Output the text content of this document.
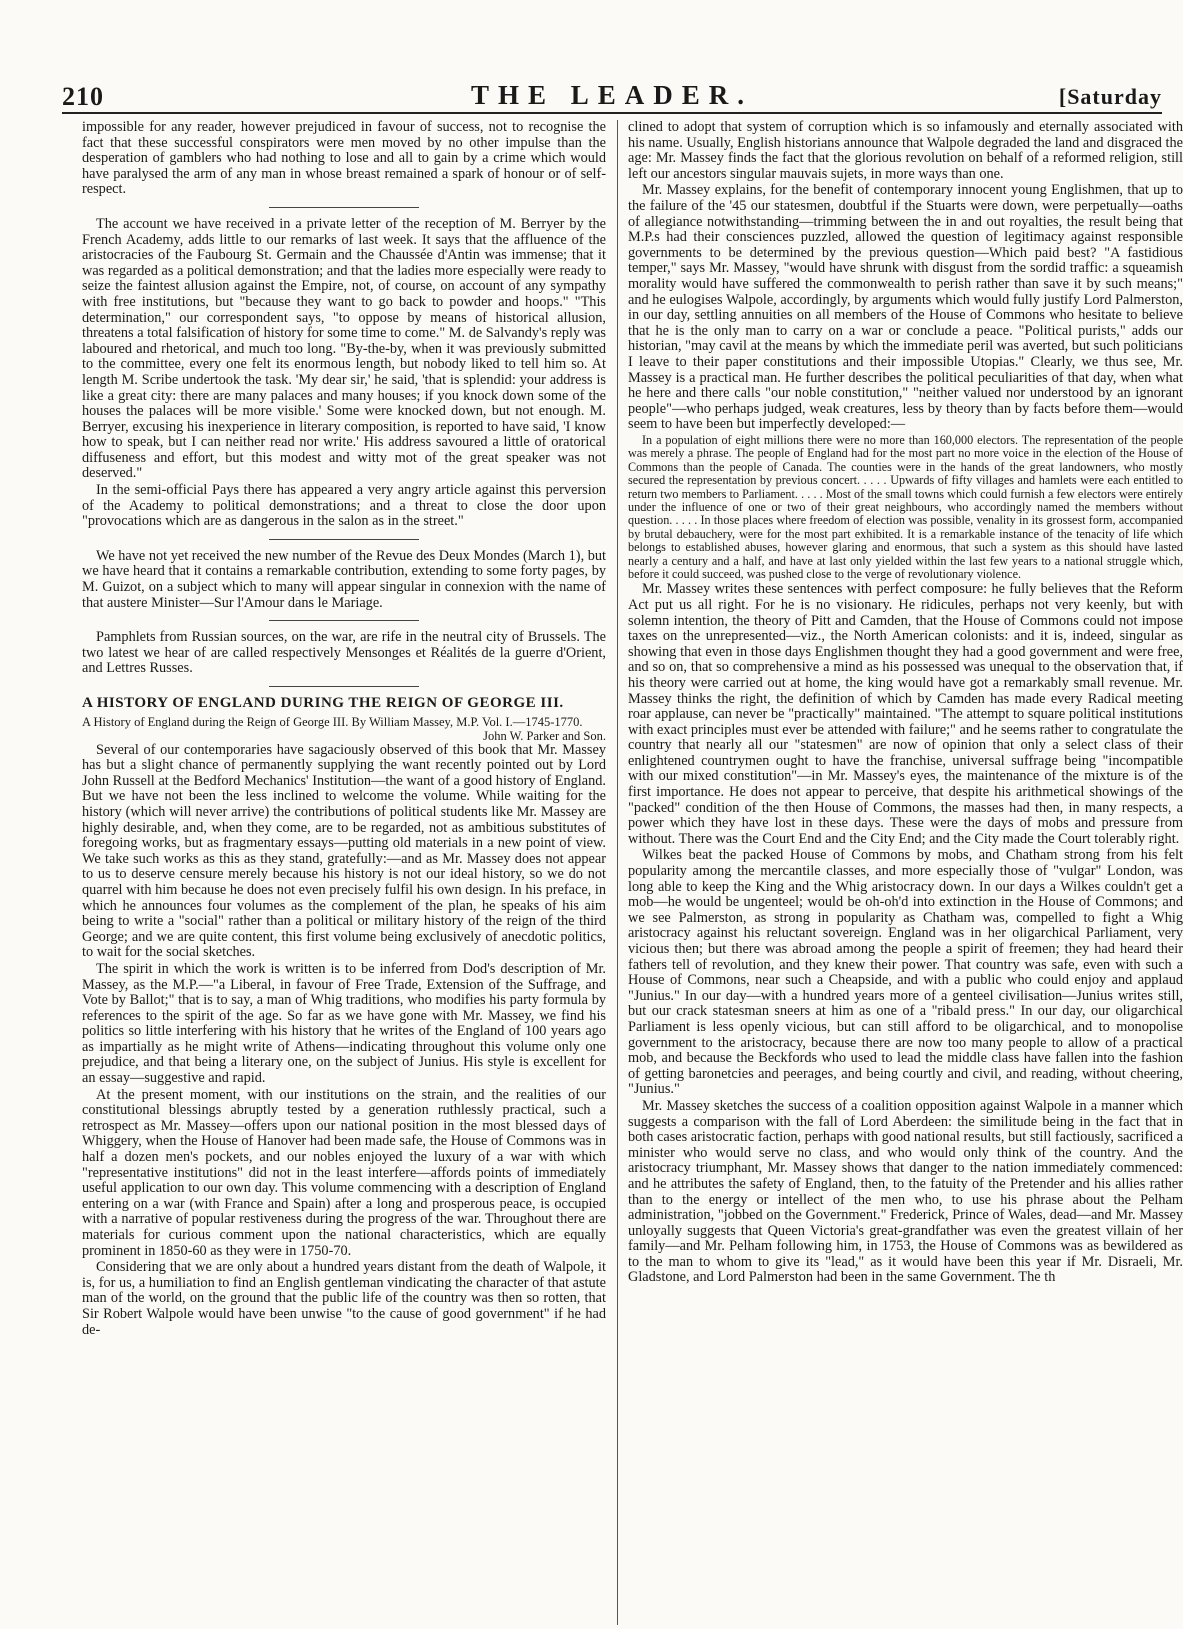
210	THE LEADER.	[Saturday

impossible for any reader, however prejudiced in favour of success, not to recognise the fact that these successful conspirators were men moved by no other impulse than the desperation of gamblers who had nothing to lose and all to gain by a crime which would have paralysed the arm of any man in whose breast remained a spark of honour or of self-respect.

The account we have received in a private letter of the reception of M. Berryer by the French Academy, adds little to our remarks of last week. It says that the affluence of the aristocracies of the Faubourg St. Germain and the Chaussée d'Antin was immense; that it was regarded as a political demonstration; and that the ladies more especially were ready to seize the faintest allusion against the Empire, not, of course, on account of any sympathy with free institutions, but "because they want to go back to powder and hoops." "This determination," our correspondent says, "to oppose by means of historical allusion, threatens a total falsification of history for some time to come." M. de Salvandy's reply was laboured and rhetorical, and much too long. "By-the-by, when it was previously submitted to the committee, every one felt its enormous length, but nobody liked to tell him so. At length M. Scribe undertook the task. 'My dear sir,' he said, 'that is splendid: your address is like a great city: there are many palaces and many houses; if you knock down some of the houses the palaces will be more visible.' Some were knocked down, but not enough. M. Berryer, excusing his inexperience in literary composition, is reported to have said, 'I know how to speak, but I can neither read nor write.' His address savoured a little of oratorical diffuseness and effort, but this modest and witty mot of the great speaker was not deserved."

In the semi-official Pays there has appeared a very angry article against this perversion of the Academy to political demonstrations; and a threat to close the door upon "provocations which are as dangerous in the salon as in the street."

We have not yet received the new number of the Revue des Deux Mondes (March 1), but we have heard that it contains a remarkable contribution, extending to some forty pages, by M. Guizot, on a subject which to many will appear singular in connexion with the name of that austere Minister—Sur l'Amour dans le Mariage.

Pamphlets from Russian sources, on the war, are rife in the neutral city of Brussels. The two latest we hear of are called respectively Mensonges et Réalités de la guerre d'Orient, and Lettres Russes.

A HISTORY OF ENGLAND DURING THE REIGN OF GEORGE III.

A History of England during the Reign of George III. By William Massey, M.P. Vol. I.—1745-1770.
John W. Parker and Son.

Several of our contemporaries have sagaciously observed of this book that Mr. Massey has but a slight chance of permanently supplying the want recently pointed out by Lord John Russell at the Bedford Mechanics' Institution—the want of a good history of England. But we have not been the less inclined to welcome the volume. While waiting for the history (which will never arrive) the contributions of political students like Mr. Massey are highly desirable, and, when they come, are to be regarded, not as ambitious substitutes of foregoing works, but as fragmentary essays—putting old materials in a new point of view. We take such works as this as they stand, gratefully:—and as Mr. Massey does not appear to us to deserve censure merely because his history is not our ideal history, so we do not quarrel with him because he does not even precisely fulfil his own design. In his preface, in which he announces four volumes as the complement of the plan, he speaks of his aim being to write a "social" rather than a political or military history of the reign of the third George; and we are quite content, this first volume being exclusively of anecdotic politics, to wait for the social sketches.

The spirit in which the work is written is to be inferred from Dod's description of Mr. Massey, as the M.P.—"a Liberal, in favour of Free Trade, Extension of the Suffrage, and Vote by Ballot;" that is to say, a man of Whig traditions, who modifies his party formula by references to the spirit of the age. So far as we have gone with Mr. Massey, we find his politics so little interfering with his history that he writes of the England of 100 years ago as impartially as he might write of Athens—indicating throughout this volume only one prejudice, and that being a literary one, on the subject of Junius. His style is excellent for an essay—suggestive and rapid.

At the present moment, with our institutions on the strain, and the realities of our constitutional blessings abruptly tested by a generation ruthlessly practical, such a retrospect as Mr. Massey—offers upon our national position in the most blessed days of Whiggery, when the House of Hanover had been made safe, the House of Commons was in half a dozen men's pockets, and our nobles enjoyed the luxury of a war with which "representative institutions" did not in the least interfere—affords points of immediately useful application to our own day. This volume commencing with a description of England entering on a war (with France and Spain) after a long and prosperous peace, is occupied with a narrative of popular restiveness during the progress of the war. Throughout there are materials for curious comment upon the national characteristics, which are equally prominent in 1850-60 as they were in 1750-70.

Considering that we are only about a hundred years distant from the death of Walpole, it is, for us, a humiliation to find an English gentleman vindicating the character of that astute man of the world, on the ground that the public life of the country was then so rotten, that Sir Robert Walpole would have been unwise "to the cause of good government" if he had de-

clined to adopt that system of corruption which is so infamously and eternally associated with his name. Usually, English historians announce that Walpole degraded the land and disgraced the age: Mr. Massey finds the fact that the glorious revolution on behalf of a reformed religion, still left our ancestors singular mauvais sujets, in more ways than one.

Mr. Massey explains, for the benefit of contemporary innocent young Englishmen, that up to the failure of the '45 our statesmen, doubtful if the Stuarts were down, were perpetually—oaths of allegiance notwithstanding—trimming between the in and out royalties, the result being that M.P.s had their consciences puzzled, allowed the question of legitimacy against responsible governments to be determined by the previous question—Which paid best? "A fastidious temper," says Mr. Massey, "would have shrunk with disgust from the sordid traffic: a squeamish morality would have suffered the commonwealth to perish rather than save it by such means;" and he eulogises Walpole, accordingly, by arguments which would fully justify Lord Palmerston, in our day, settling annuities on all members of the House of Commons who hesitate to believe that he is the only man to carry on a war or conclude a peace. "Political purists," adds our historian, "may cavil at the means by which the immediate peril was averted, but such politicians I leave to their paper constitutions and their impossible Utopias." Clearly, we thus see, Mr. Massey is a practical man. He further describes the political peculiarities of that day, when what he here and there calls "our noble constitution," "neither valued nor understood by an ignorant people"—who perhaps judged, weak creatures, less by theory than by facts before them—would seem to have been but imperfectly developed:—

In a population of eight millions there were no more than 160,000 electors. The representation of the people was merely a phrase. The people of England had for the most part no more voice in the election of the House of Commons than the people of Canada. The counties were in the hands of the great landowners, who mostly secured the representation by previous concert. . . . . Upwards of fifty villages and hamlets were each entitled to return two members to Parliament. . . . . Most of the small towns which could furnish a few electors were entirely under the influence of one or two of their great neighbours, who accordingly named the members without question. . . . . In those places where freedom of election was possible, venality in its grossest form, accompanied by brutal debauchery, were for the most part exhibited. It is a remarkable instance of the tenacity of life which belongs to established abuses, however glaring and enormous, that such a system as this should have lasted nearly a century and a half, and have at last only yielded within the last few years to a national struggle which, before it could succeed, was pushed close to the verge of revolutionary violence.

Mr. Massey writes these sentences with perfect composure: he fully believes that the Reform Act put us all right. For he is no visionary. He ridicules, perhaps not very keenly, but with solemn intention, the theory of Pitt and Camden, that the House of Commons could not impose taxes on the unrepresented—viz., the North American colonists: and it is, indeed, singular as showing that even in those days Englishmen thought they had a good government and were free, and so on, that so comprehensive a mind as his possessed was unequal to the observation that, if his theory were carried out at home, the king would have got a remarkably small revenue. Mr. Massey thinks the right, the definition of which by Camden has made every Radical meeting roar applause, can never be "practically" maintained. "The attempt to square political institutions with exact principles must ever be attended with failure;" and he seems rather to congratulate the country that nearly all our "statesmen" are now of opinion that only a select class of their enlightened countrymen ought to have the franchise, universal suffrage being "incompatible with our mixed constitution"—in Mr. Massey's eyes, the maintenance of the mixture is of the first importance. He does not appear to perceive, that despite his arithmetical showings of the "packed" condition of the then House of Commons, the masses had then, in many respects, a power which they have lost in these days. These were the days of mobs and pressure from without. There was the Court End and the City End; and the City made the Court tolerably right.

Wilkes beat the packed House of Commons by mobs, and Chatham strong from his felt popularity among the mercantile classes, and more especially those of "vulgar" London, was long able to keep the King and the Whig aristocracy down. In our days a Wilkes couldn't get a mob—he would be ungenteel; would be oh-oh'd into extinction in the House of Commons; and we see Palmerston, as strong in popularity as Chatham was, compelled to fight a Whig aristocracy against his reluctant sovereign. England was in her oligarchical Parliament, very vicious then; but there was abroad among the people a spirit of freemen; they had heard their fathers tell of revolution, and they knew their power. That country was safe, even with such a House of Commons, near such a Cheapside, and with a public who could enjoy and applaud "Junius." In our day—with a hundred years more of a genteel civilisation—Junius writes still, but our crack statesman sneers at him as one of a "ribald press." In our day, our oligarchical Parliament is less openly vicious, but can still afford to be oligarchical, and to monopolise government to the aristocracy, because there are now too many people to allow of a practical mob, and because the Beckfords who used to lead the middle class have fallen into the fashion of getting baronetcies and peerages, and being courtly and civil, and reading, without cheering, "Junius."

Mr. Massey sketches the success of a coalition opposition against Walpole in a manner which suggests a comparison with the fall of Lord Aberdeen: the similitude being in the fact that in both cases aristocratic faction, perhaps with good national results, but still factiously, sacrificed a minister who would serve no class, and who would only think of the country. And the aristocracy triumphant, Mr. Massey shows that danger to the nation immediately commenced: and he attributes the safety of England, then, to the fatuity of the Pretender and his allies rather than to the energy or intellect of the men who, to use his phrase about the Pelham administration, "jobbed on the Government." Frederick, Prince of Wales, dead—and Mr. Massey unloyally suggests that Queen Victoria's great-grandfather was even the greatest villain of her family—and Mr. Pelham following him, in 1753, the House of Commons was as bewildered as to the man to whom to give its "lead," as it would have been this year if Mr. Disraeli, Mr. Gladstone, and Lord Palmerston had been in the same Government. The th
